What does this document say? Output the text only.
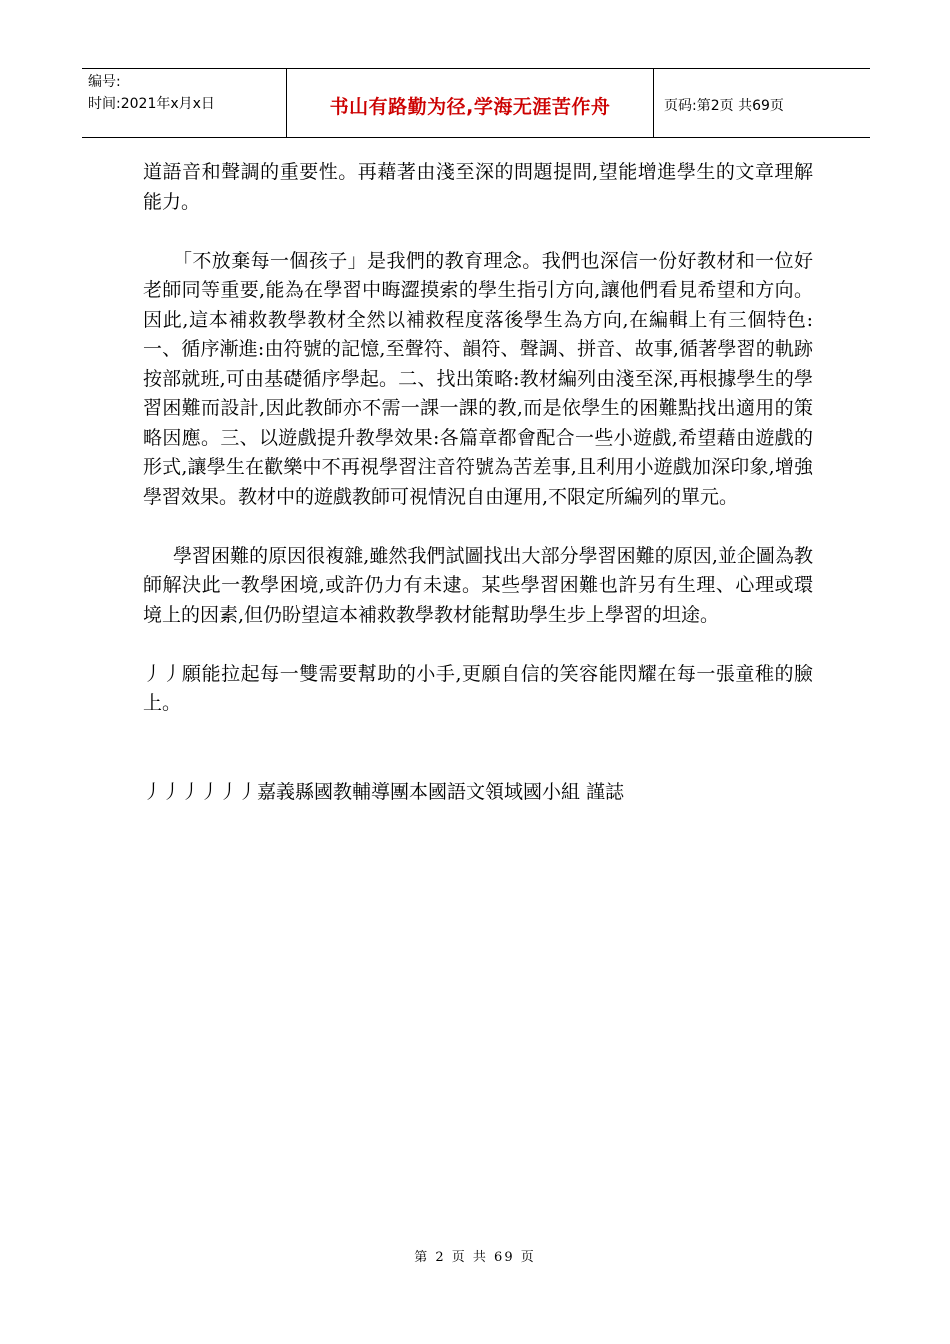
编号:
时间:2021年x月x日	书山有路勤为径,学海无涯苦作舟	页码:第2页 共69页

道語音和聲調的重要性。再藉著由淺至深的問題提問,望能增進學生的文章理解能力。

「不放棄每一個孩子」是我們的教育理念。我們也深信一份好教材和一位好老師同等重要,能為在學習中晦澀摸索的學生指引方向,讓他們看見希望和方向。因此,這本補救教學教材全然以補救程度落後學生為方向,在編輯上有三個特色:一、循序漸進:由符號的記憶,至聲符、韻符、聲調、拼音、故事,循著學習的軌跡按部就班,可由基礎循序學起。二、找出策略:教材編列由淺至深,再根據學生的學習困難而設計,因此教師亦不需一課一課的教,而是依學生的困難點找出適用的策略因應。三、以遊戲提升教學效果:各篇章都會配合一些小遊戲,希望藉由遊戲的形式,讓學生在歡樂中不再視學習注音符號為苦差事,且利用小遊戲加深印象,增強學習效果。教材中的遊戲教師可視情況自由運用,不限定所編列的單元。

學習困難的原因很複雜,雖然我們試圖找出大部分學習困難的原因,並企圖為教師解決此一教學困境,或許仍力有未逮。某些學習困難也許另有生理、心理或環境上的因素,但仍盼望這本補救教學教材能幫助學生步上學習的坦途。

丿丿願能拉起每一雙需要幫助的小手,更願自信的笑容能閃耀在每一張童稚的臉上。

丿丿丿丿丿丿嘉義縣國教輔導團本國語文領域國小組 謹誌

第 2 页 共 69 页
